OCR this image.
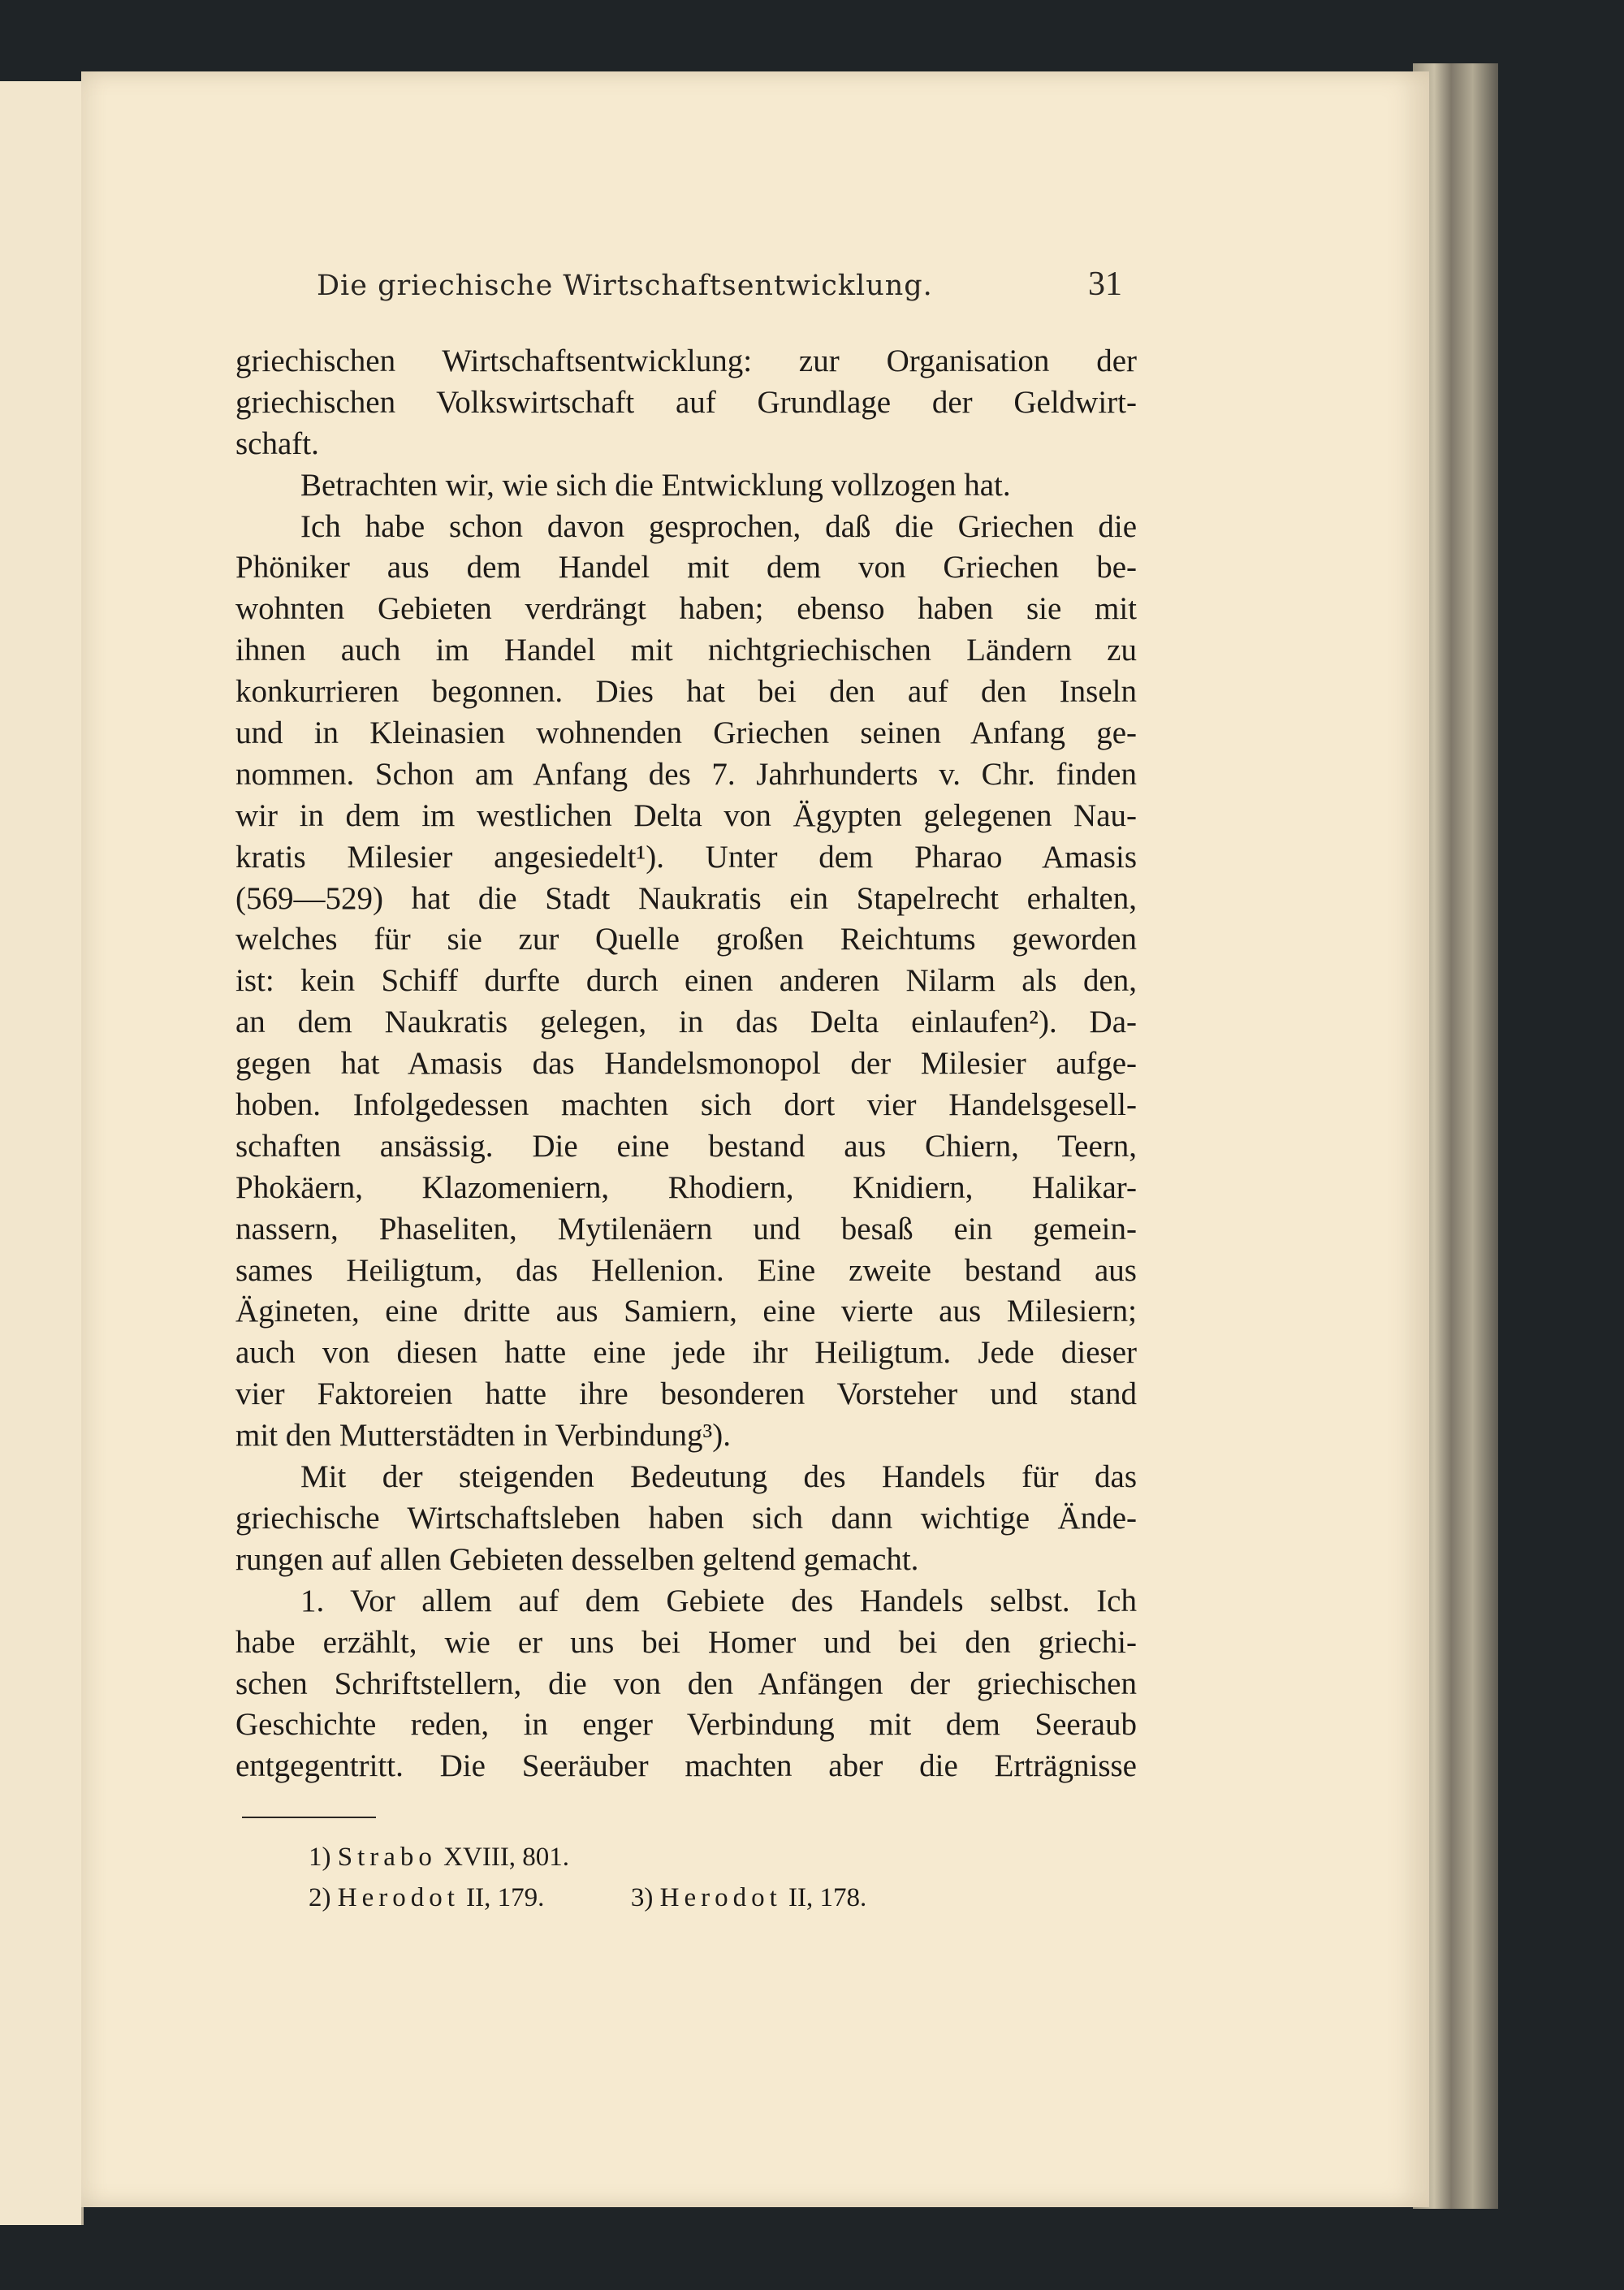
Die griechische Wirtschaftsentwicklung.	31
griechischen Wirtschaftsentwicklung: zur Organisation der
griechischen Volkswirtschaft auf Grundlage der Geldwirt-
schaft.
Betrachten wir, wie sich die Entwicklung vollzogen hat.
Ich habe schon davon gesprochen, daß die Griechen die
Phöniker aus dem Handel mit dem von Griechen be-
wohnten Gebieten verdrängt haben; ebenso haben sie mit
ihnen auch im Handel mit nichtgriechischen Ländern zu
konkurrieren begonnen. Dies hat bei den auf den Inseln
und in Kleinasien wohnenden Griechen seinen Anfang ge-
nommen. Schon am Anfang des 7. Jahrhunderts v. Chr. finden
wir in dem im westlichen Delta von Ägypten gelegenen Nau-
kratis Milesier angesiedelt¹). Unter dem Pharao Amasis
(569—529) hat die Stadt Naukratis ein Stapelrecht erhalten,
welches für sie zur Quelle großen Reichtums geworden
ist: kein Schiff durfte durch einen anderen Nilarm als den,
an dem Naukratis gelegen, in das Delta einlaufen²). Da-
gegen hat Amasis das Handelsmonopol der Milesier aufge-
hoben. Infolgedessen machten sich dort vier Handelsgesell-
schaften ansässig. Die eine bestand aus Chiern, Teern,
Phokäern, Klazomeniern, Rhodiern, Knidiern, Halikar-
nassern, Phaseliten, Mytilenäern und besaß ein gemein-
sames Heiligtum, das Hellenion. Eine zweite bestand aus
Ägineten, eine dritte aus Samiern, eine vierte aus Milesiern;
auch von diesen hatte eine jede ihr Heiligtum. Jede dieser
vier Faktoreien hatte ihre besonderen Vorsteher und stand
mit den Mutterstädten in Verbindung³).
Mit der steigenden Bedeutung des Handels für das
griechische Wirtschaftsleben haben sich dann wichtige Ände-
rungen auf allen Gebieten desselben geltend gemacht.
1. Vor allem auf dem Gebiete des Handels selbst. Ich
habe erzählt, wie er uns bei Homer und bei den griechi-
schen Schriftstellern, die von den Anfängen der griechischen
Geschichte reden, in enger Verbindung mit dem Seeraub
entgegentritt. Die Seeräuber machten aber die Erträgnisse
1) Strabo XVIII, 801.
2) Herodot II, 179.	3) Herodot II, 178.
